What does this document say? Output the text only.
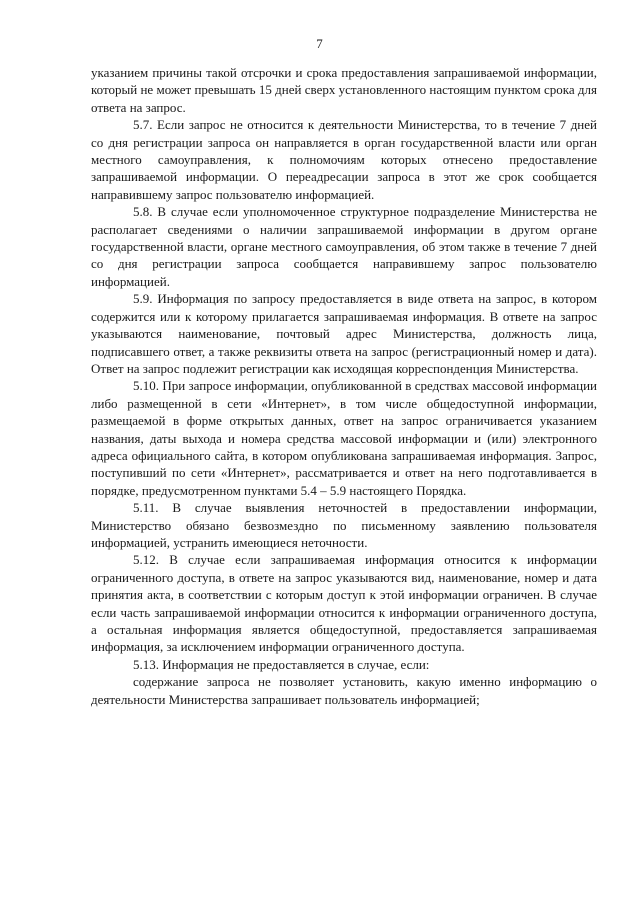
7

указанием причины такой отсрочки и срока предоставления запрашиваемой информации, который не может превышать 15 дней сверх установленного настоящим пунктом срока для ответа на запрос.

5.7. Если запрос не относится к деятельности Министерства, то в течение 7 дней со дня регистрации запроса он направляется в орган государственной власти или орган местного самоуправления, к полномочиям которых отнесено предоставление запрашиваемой информации. О переадресации запроса в этот же срок сообщается направившему запрос пользователю информацией.

5.8. В случае если уполномоченное структурное подразделение Министерства не располагает сведениями о наличии запрашиваемой информации в другом органе государственной власти, органе местного самоуправления, об этом также в течение 7 дней со дня регистрации запроса сообщается направившему запрос пользователю информацией.

5.9. Информация по запросу предоставляется в виде ответа на запрос, в котором содержится или к которому прилагается запрашиваемая информация. В ответе на запрос указываются наименование, почтовый адрес Министерства, должность лица, подписавшего ответ, а также реквизиты ответа на запрос (регистрационный номер и дата). Ответ на запрос подлежит регистрации как исходящая корреспонденция Министерства.

5.10. При запросе информации, опубликованной в средствах массовой информации либо размещенной в сети «Интернет», в том числе общедоступной информации, размещаемой в форме открытых данных, ответ на запрос ограничивается указанием названия, даты выхода и номера средства массовой информации и (или) электронного адреса официального сайта, в котором опубликована запрашиваемая информация. Запрос, поступивший по сети «Интернет», рассматривается и ответ на него подготавливается в порядке, предусмотренном пунктами 5.4 – 5.9 настоящего Порядка.

5.11. В случае выявления неточностей в предоставлении информации, Министерство обязано безвозмездно по письменному заявлению пользователя информацией, устранить имеющиеся неточности.

5.12. В случае если запрашиваемая информация относится к информации ограниченного доступа, в ответе на запрос указываются вид, наименование, номер и дата принятия акта, в соответствии с которым доступ к этой информации ограничен. В случае если часть запрашиваемой информации относится к информации ограниченного доступа, а остальная информация является общедоступной, предоставляется запрашиваемая информация, за исключением информации ограниченного доступа.

5.13. Информация не предоставляется в случае, если:

содержание запроса не позволяет установить, какую именно информацию о деятельности Министерства запрашивает пользователь информацией;
